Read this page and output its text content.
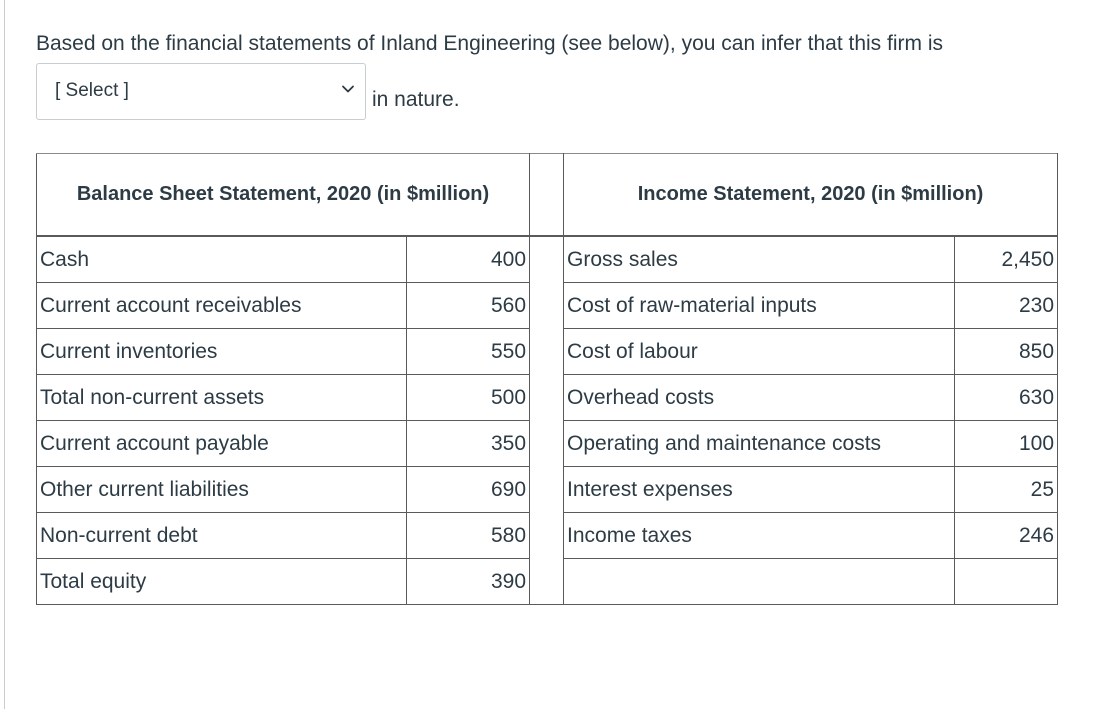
Based on the financial statements of Inland Engineering (see below), you can infer that this firm is
[ Select ]	in nature.
Balance Sheet Statement, 2020 (in $million)			Income Statement, 2020 (in $million)	
Cash	400		Gross sales	2,450
Current account receivables	560		Cost of raw-material inputs	230
Current inventories	550		Cost of labour	850
Total non-current assets	500		Overhead costs	630
Current account payable	350		Operating and maintenance costs	100
Other current liabilities	690		Interest expenses	25
Non-current debt	580		Income taxes	246
Total equity	390			
